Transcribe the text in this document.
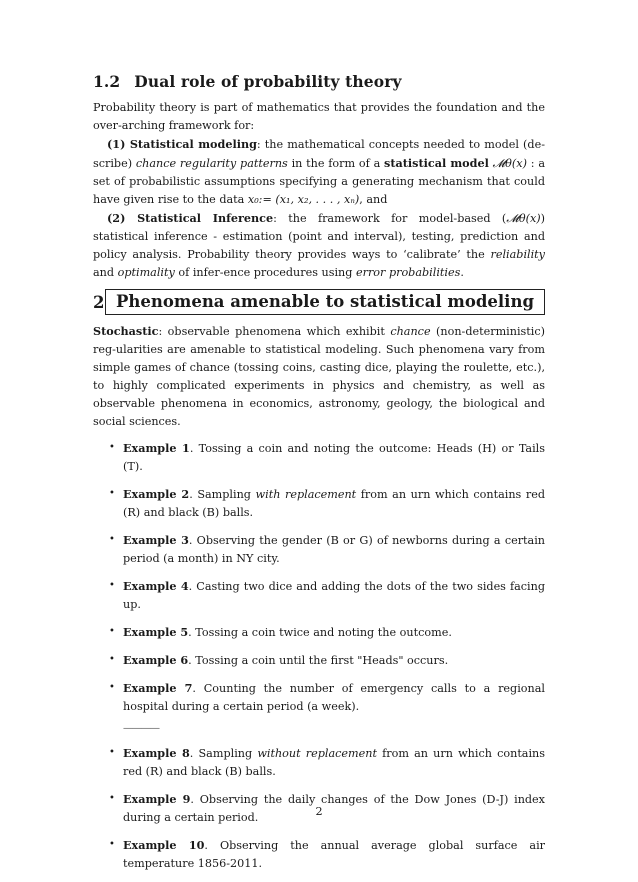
1.2 Dual role of probability theory

Probability theory is part of mathematics that provides the foundation and the over-arching framework for:

(1) Statistical modeling: the mathematical concepts needed to model (de-scribe) chance regularity patterns in the form of a statistical model 𝓜θ(x) : a set of probabilistic assumptions specifying a generating mechanism that could have given rise to the data x₀:= (x₁, x₂, . . . , xₙ), and

(2) Statistical Inference: the framework for model-based (𝓜θ(x)) statistical inference - estimation (point and interval), testing, prediction and policy analysis. Probability theory provides ways to ‘calibrate’ the reliability and optimality of infer-ence procedures using error probabilities.

2 Phenomena amenable to statistical modeling

Stochastic: observable phenomena which exhibit chance (non-deterministic) reg-ularities are amenable to statistical modeling. Such phenomena vary from simple games of chance (tossing coins, casting dice, playing the roulette, etc.), to highly complicated experiments in physics and chemistry, as well as observable phenomena in economics, astronomy, geology, the biological and social sciences.

• Example 1. Tossing a coin and noting the outcome: Heads (H) or Tails (T).
• Example 2. Sampling with replacement from an urn which contains red (R) and black (B) balls.
• Example 3. Observing the gender (B or G) of newborns during a certain period (a month) in NY city.
• Example 4. Casting two dice and adding the dots of the two sides facing up.
• Example 5. Tossing a coin twice and noting the outcome.
• Example 6. Tossing a coin until the first "Heads" occurs.
• Example 7. Counting the number of emergency calls to a regional hospital during a certain period (a week).
————
• Example 8. Sampling without replacement from an urn which contains red (R) and black (B) balls.
• Example 9. Observing the daily changes of the Dow Jones (D-J) index during a certain period.
• Example 10. Observing the annual average global surface air temperature 1856-2011.
2
